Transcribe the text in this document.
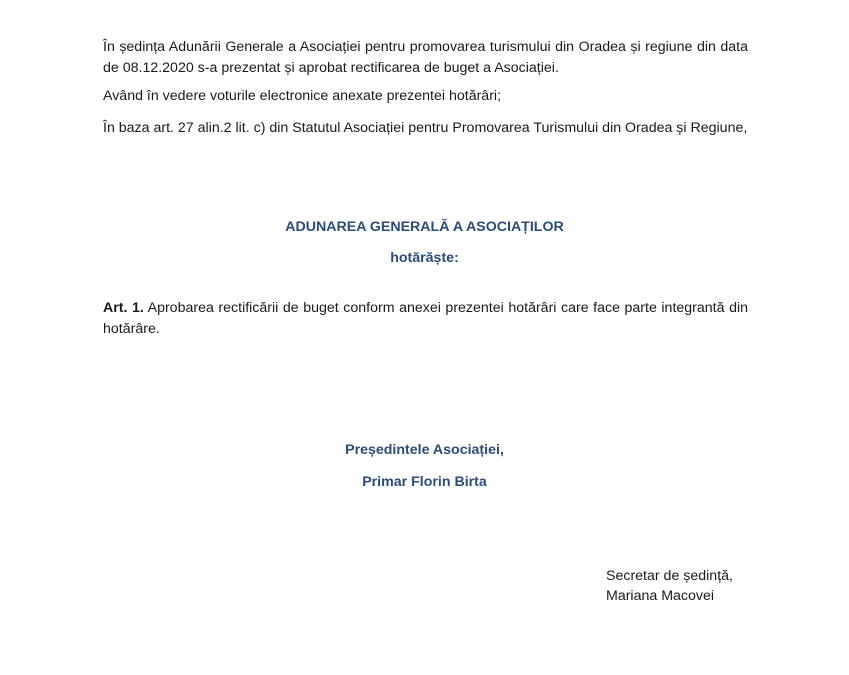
În ședința Adunării Generale a Asociației pentru promovarea turismului din Oradea și regiune din data de 08.12.2020 s-a prezentat și aprobat rectificarea de buget a Asociației.

Având în vedere voturile electronice anexate prezentei hotărâri;

În baza art. 27 alin.2 lit. c) din Statutul Asociației pentru Promovarea Turismului din Oradea și Regiune,

ADUNAREA GENERALĂ A ASOCIAȚILOR

hotărăște:

Art. 1. Aprobarea rectificării de buget conform anexei prezentei hotărâri care face parte integrantă din hotărâre.

Președintele Asociației,

Primar Florin Birta

Secretar de ședință,

Mariana Macovei
